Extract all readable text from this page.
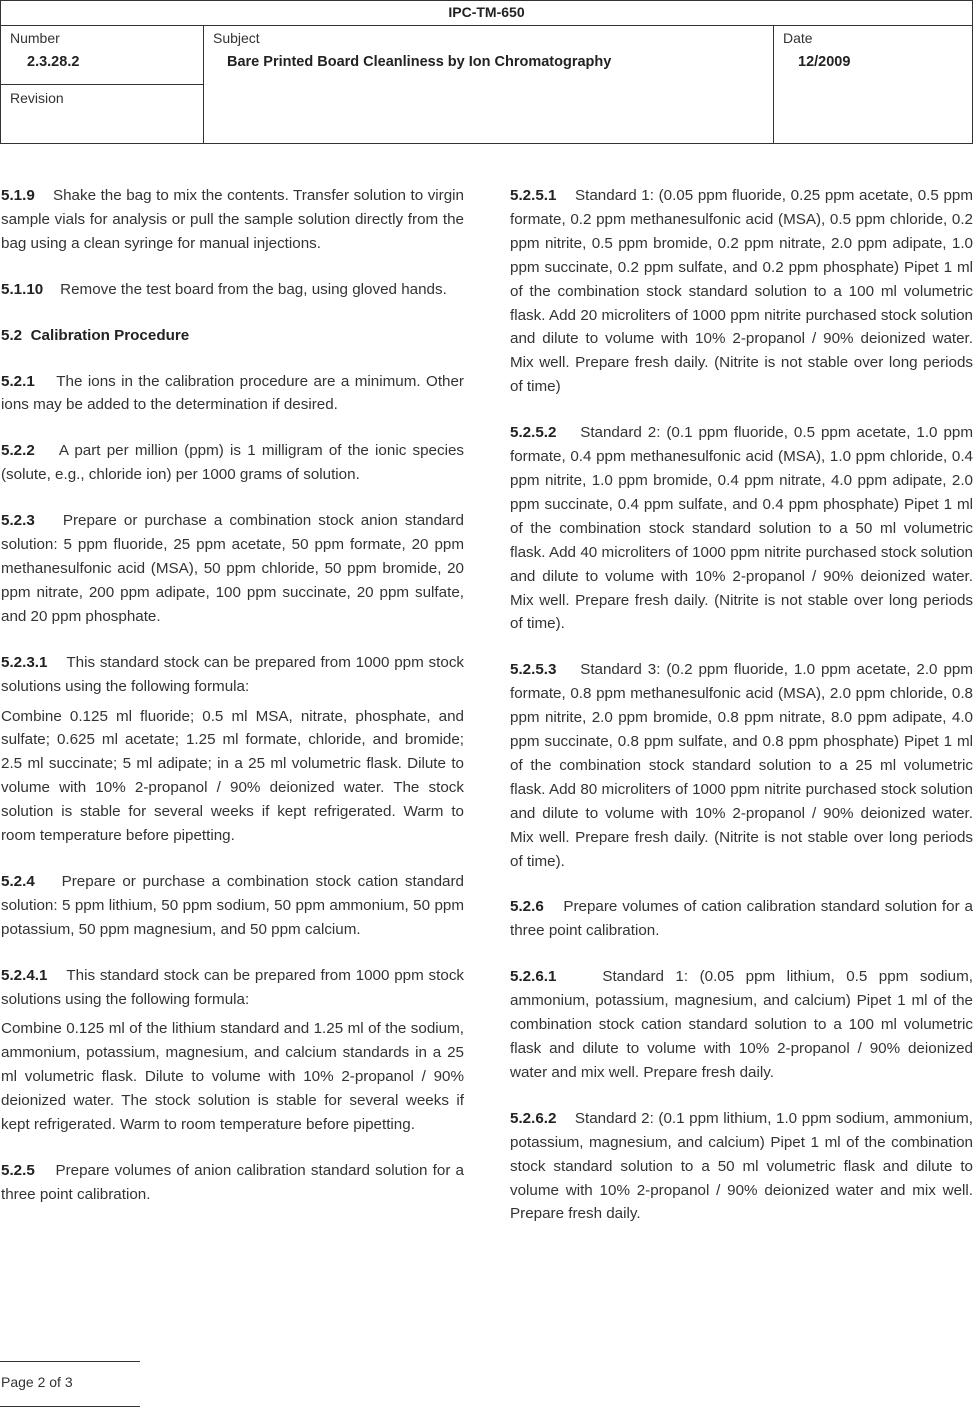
IPC-TM-650
Number
2.3.28.2
Revision
Subject
Bare Printed Board Cleanliness by Ion Chromatography
Date
12/2009

5.1.9 Shake the bag to mix the contents. Transfer solution to virgin sample vials for analysis or pull the sample solution directly from the bag using a clean syringe for manual injections.

5.1.10 Remove the test board from the bag, using gloved hands.

5.2 Calibration Procedure

5.2.1 The ions in the calibration procedure are a minimum. Other ions may be added to the determination if desired.

5.2.2 A part per million (ppm) is 1 milligram of the ionic species (solute, e.g., chloride ion) per 1000 grams of solution.

5.2.3 Prepare or purchase a combination stock anion standard solution: 5 ppm fluoride, 25 ppm acetate, 50 ppm formate, 20 ppm methanesulfonic acid (MSA), 50 ppm chloride, 50 ppm bromide, 20 ppm nitrate, 200 ppm adipate, 100 ppm succinate, 20 ppm sulfate, and 20 ppm phosphate.

5.2.3.1 This standard stock can be prepared from 1000 ppm stock solutions using the following formula:

Combine 0.125 ml fluoride; 0.5 ml MSA, nitrate, phosphate, and sulfate; 0.625 ml acetate; 1.25 ml formate, chloride, and bromide; 2.5 ml succinate; 5 ml adipate; in a 25 ml volumetric flask. Dilute to volume with 10% 2-propanol / 90% deionized water. The stock solution is stable for several weeks if kept refrigerated. Warm to room temperature before pipetting.

5.2.4 Prepare or purchase a combination stock cation standard solution: 5 ppm lithium, 50 ppm sodium, 50 ppm ammonium, 50 ppm potassium, 50 ppm magnesium, and 50 ppm calcium.

5.2.4.1 This standard stock can be prepared from 1000 ppm stock solutions using the following formula:

Combine 0.125 ml of the lithium standard and 1.25 ml of the sodium, ammonium, potassium, magnesium, and calcium standards in a 25 ml volumetric flask. Dilute to volume with 10% 2-propanol / 90% deionized water. The stock solution is stable for several weeks if kept refrigerated. Warm to room temperature before pipetting.

5.2.5 Prepare volumes of anion calibration standard solution for a three point calibration.

5.2.5.1 Standard 1: (0.05 ppm fluoride, 0.25 ppm acetate, 0.5 ppm formate, 0.2 ppm methanesulfonic acid (MSA), 0.5 ppm chloride, 0.2 ppm nitrite, 0.5 ppm bromide, 0.2 ppm nitrate, 2.0 ppm adipate, 1.0 ppm succinate, 0.2 ppm sulfate, and 0.2 ppm phosphate) Pipet 1 ml of the combination stock standard solution to a 100 ml volumetric flask. Add 20 microliters of 1000 ppm nitrite purchased stock solution and dilute to volume with 10% 2-propanol / 90% deionized water. Mix well. Prepare fresh daily. (Nitrite is not stable over long periods of time)

5.2.5.2 Standard 2: (0.1 ppm fluoride, 0.5 ppm acetate, 1.0 ppm formate, 0.4 ppm methanesulfonic acid (MSA), 1.0 ppm chloride, 0.4 ppm nitrite, 1.0 ppm bromide, 0.4 ppm nitrate, 4.0 ppm adipate, 2.0 ppm succinate, 0.4 ppm sulfate, and 0.4 ppm phosphate) Pipet 1 ml of the combination stock standard solution to a 50 ml volumetric flask. Add 40 microliters of 1000 ppm nitrite purchased stock solution and dilute to volume with 10% 2-propanol / 90% deionized water. Mix well. Prepare fresh daily. (Nitrite is not stable over long periods of time).

5.2.5.3 Standard 3: (0.2 ppm fluoride, 1.0 ppm acetate, 2.0 ppm formate, 0.8 ppm methanesulfonic acid (MSA), 2.0 ppm chloride, 0.8 ppm nitrite, 2.0 ppm bromide, 0.8 ppm nitrate, 8.0 ppm adipate, 4.0 ppm succinate, 0.8 ppm sulfate, and 0.8 ppm phosphate) Pipet 1 ml of the combination stock standard solution to a 25 ml volumetric flask. Add 80 microliters of 1000 ppm nitrite purchased stock solution and dilute to volume with 10% 2-propanol / 90% deionized water. Mix well. Prepare fresh daily. (Nitrite is not stable over long periods of time).

5.2.6 Prepare volumes of cation calibration standard solution for a three point calibration.

5.2.6.1	Standard 1: (0.05 ppm lithium, 0.5 ppm sodium, ammonium, potassium, magnesium, and calcium) Pipet 1 ml of the combination stock cation standard solution to a 100 ml volumetric flask and dilute to volume with 10% 2-propanol / 90% deionized water and mix well. Prepare fresh daily.

5.2.6.2 Standard 2: (0.1 ppm lithium, 1.0 ppm sodium, ammonium, potassium, magnesium, and calcium) Pipet 1 ml of the combination stock standard solution to a 50 ml volumetric flask and dilute to volume with 10% 2-propanol / 90% deionized water and mix well. Prepare fresh daily.

Page 2 of 3
